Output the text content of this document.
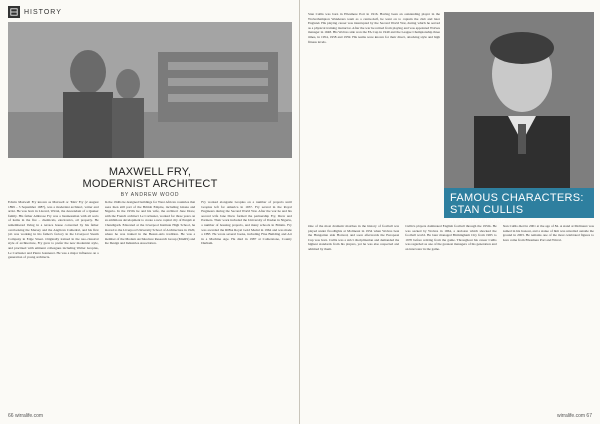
HISTORY
MAXWELL FRY,
MODERNIST ARCHITECT
BY ANDREW WOOD
Edwin Maxwell Fry known as Maxwell or 'Max' Fry (2 August 1899 – 3 September 1987), was a modernist architect, writer and artist. He was born in Liscard, Wirral, the descendant of a Quaker family. His father Ambrose Fry was a businessman with all sorts of items in the fire – chemicals, electronics, oil property. He remembered living in a terrace house converted by his father overlooking the Mersey and the Anglican Cathedral, and his first job was working in his father's factory in the Liverpool Steam Company in Edge Street. Originally trained in the neo-classical style of architecture, Fry grew to prefer the new modernist style, and practised with eminent colleagues including Walter Gropius, Le Corbusier and Pierre Jeanneret. He was a major influence on a generation of young architects.
In the 1940s he designed buildings for West African countries that were then still part of the British Empire, including Ghana and Nigeria. In the 1950s he and his wife, the architect Jane Drew, with the French architect Le Corbusier, worked for three years on an ambitious development to create a new capital city of Punjab at Chandigarh. Educated at the Liverpool Institute High School, he moved to the Liverpool University School of Architecture in 1920, where he was trained in the Beaux-Arts tradition. He was a member of the Modern Architecture Research Group (MARS) and the Design and Industries Association.
Fry worked alongside Gropius on a number of projects until Gropius left for America in 1937. Fry served in the Royal Engineers during the Second World War. After the war he and his second wife Jane Drew formed the partnership Fry, Drew and Partners. Their work included the University of Ibadan in Nigeria, a number of housing projects, and many schools in Britain. Fry was awarded the RIBA Royal Gold Medal in 1964 and was made a CBE. He wrote several books, including Fine Building and Art in a Machine Age. He died in 1987 at Cotherstone, County Durham.
66 wirralife.com
Stan Cullis was born in Ellesmere Port in 1916. Having been an outstanding player in the Wolverhampton Wanderers team as a centre-half, he went on to captain the club and later England. His playing career was interrupted by the Second World War, during which he served as a physical training instructor. After the war he retired from playing and was appointed Wolves manager in 1948. His Wolves side won the FA Cup in 1949 and the League Championship three times, in 1954, 1958 and 1959. His teams were known for their direct, attacking style and high fitness levels.
FAMOUS CHARACTERS: STAN CULLIS
BY ASHLEY IRVING
One of the most dramatic matches in the history of football was played under floodlights at Molineux in 1954 when Wolves beat the Hungarian side Honved, and soon afterwards the European Cup was born. Cullis was a strict disciplinarian and demanded the highest standards from his players, yet he was also respected and admired by them.
Cullis's players dominated English football through the 1950s. He was sacked by Wolves in 1964, a decision which shocked the football world. He later managed Birmingham City from 1965 to 1970 before retiring from the game. Throughout his career Cullis was regarded as one of the greatest managers of his generation and an innovator in the game.
Stan Cullis died in 2001 at the age of 84. A stand at Molineux was named in his honour, and a statue of him was unveiled outside the ground in 2003. He remains one of the most celebrated figures to have come from Ellesmere Port and Wirral.
wirralife.com 67
